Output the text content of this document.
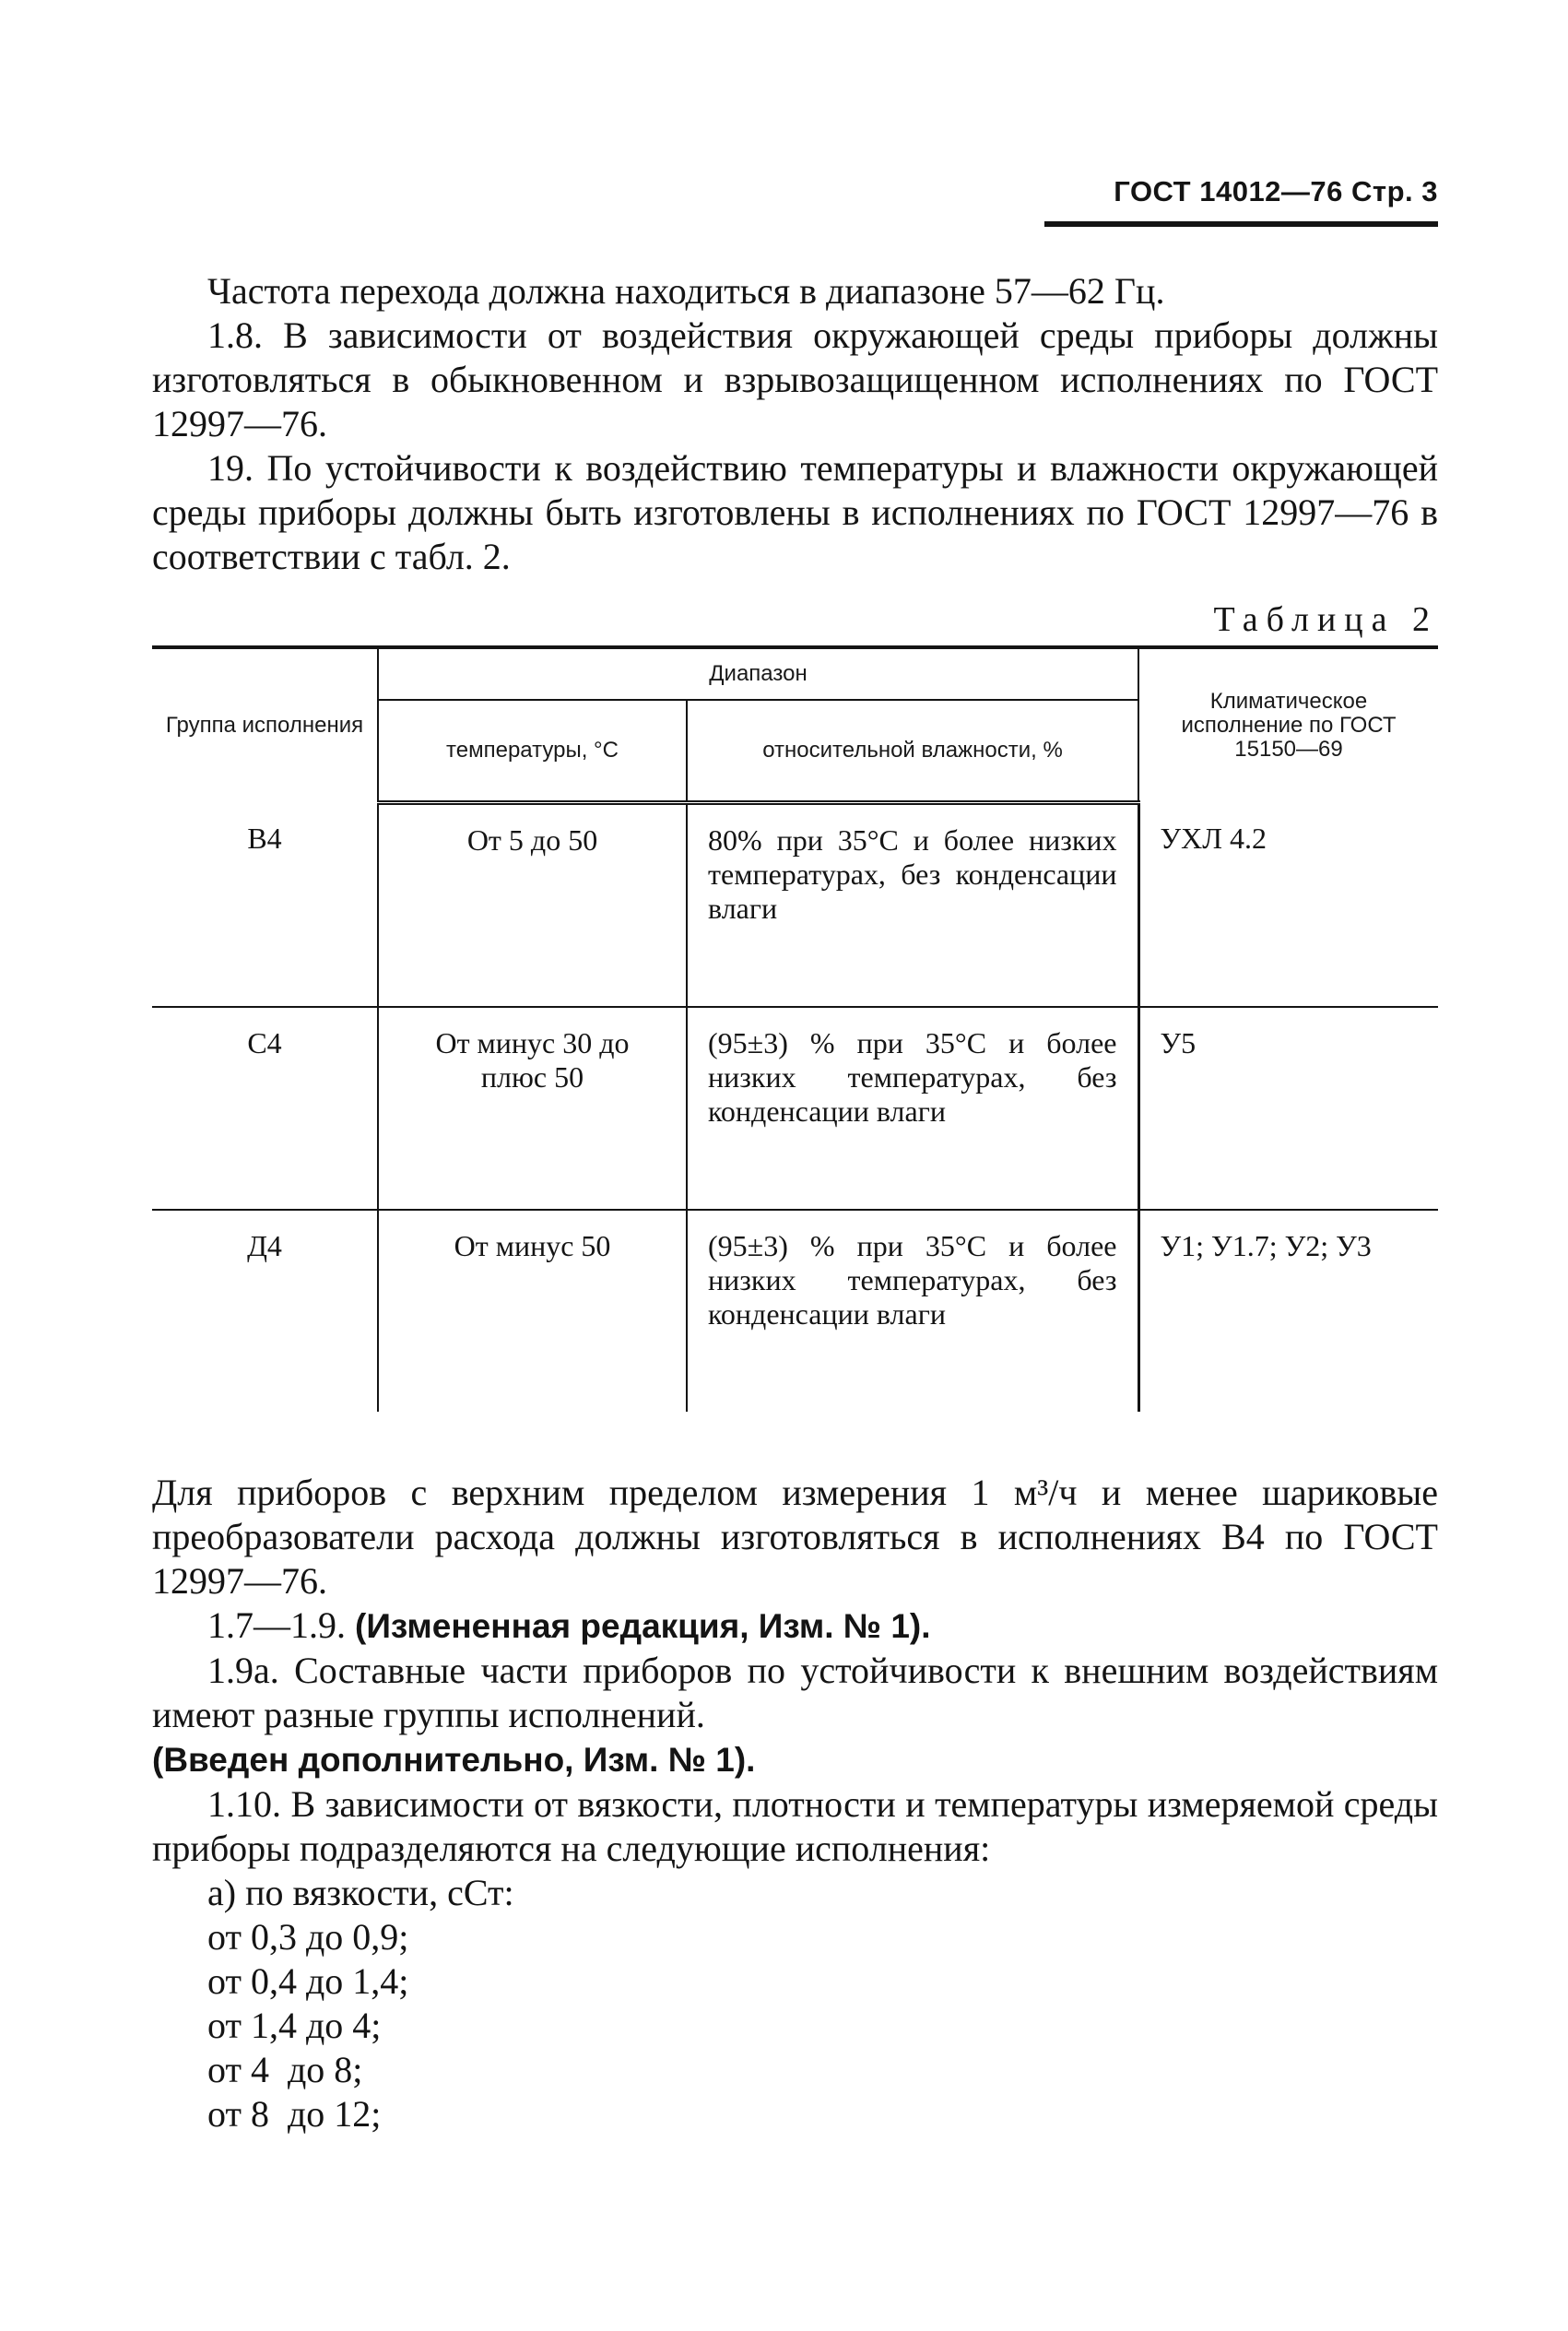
ГОСТ 14012—76 Стр. 3

Частота перехода должна находиться в диапазоне 57—62 Гц.

1.8. В зависимости от воздействия окружающей среды приборы должны изготовляться в обыкновенном и взрывозащищенном исполнениях по ГОСТ 12997—76.

19. По устойчивости к воздействию температуры и влажности окружающей среды приборы должны быть изготовлены в исполнениях по ГОСТ 12997—76 в соответствии с табл. 2.

Таблица 2
Группа исполнения	Диапазон		Климатическое исполнение по ГОСТ 15150—69
	температуры, °С	относительной влажности, %	
В4	От 5 до 50	80% при 35°С и более низких температурах, без конденсации влаги	УХЛ 4.2
С4	От минус 30 до плюс 50	(95±3) % при 35°С и более низких температурах, без конденсации влаги	У5
Д4	От минус 50	(95±3) % при 35°С и более низких температурах, без конденсации влаги	У1; У1.7; У2; У3

Для приборов с верхним пределом измерения 1 м³/ч и менее шариковые преобразователи расхода должны изготовляться в исполнениях В4 по ГОСТ 12997—76.

1.7—1.9. (Измененная редакция, Изм. № 1).

1.9а. Составные части приборов по устойчивости к внешним воздействиям имеют разные группы исполнений.

(Введен дополнительно, Изм. № 1).

1.10. В зависимости от вязкости, плотности и температуры измеряемой среды приборы подразделяются на следующие исполнения:

а) по вязкости, сСт:

от 0,3 до 0,9;

от 0,4 до 1,4;

от 1,4 до 4;

от 4  до 8;

от 8  до 12;
